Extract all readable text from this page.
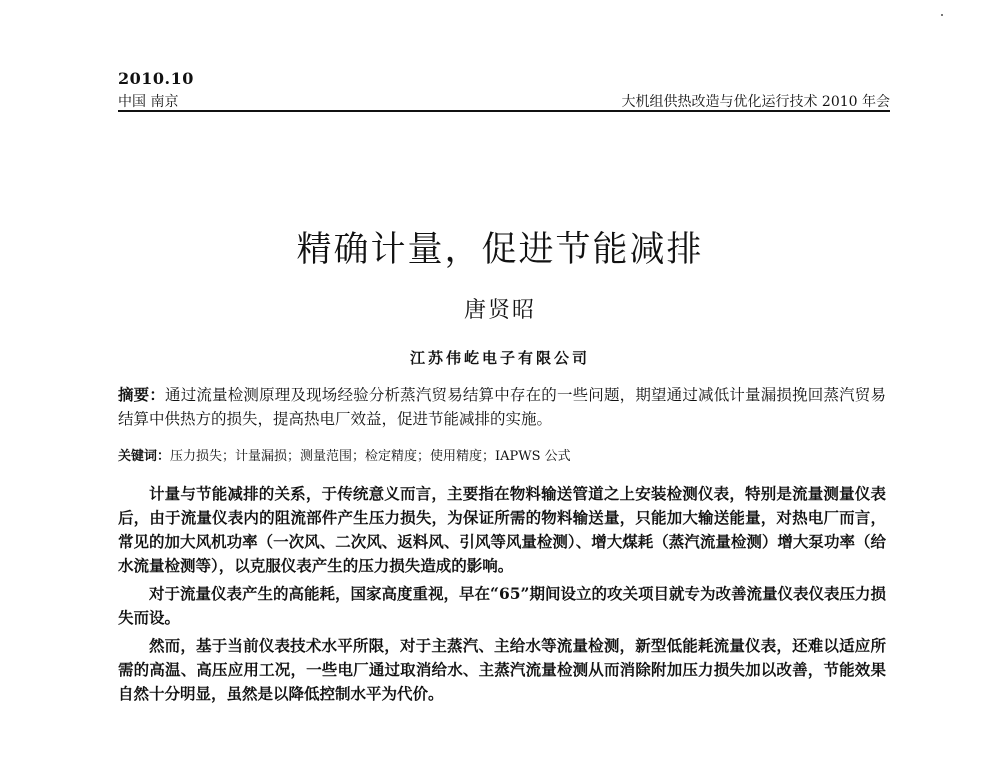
2010.10
中国 南京	大机组供热改造与优化运行技术 2010 年会
精确计量，促进节能减排
唐贤昭
江苏伟屹电子有限公司
摘要：通过流量检测原理及现场经验分析蒸汽贸易结算中存在的一些问题，期望通过减低计量漏损挽回蒸汽贸易结算中供热方的损失，提高热电厂效益，促进节能减排的实施。
关键词：压力损失；计量漏损；测量范围；检定精度；使用精度；IAPWS 公式

计量与节能减排的关系，于传统意义而言，主要指在物料输送管道之上安装检测仪表，特别是流量测量仪表后，由于流量仪表内的阻流部件产生压力损失，为保证所需的物料输送量，只能加大输送能量，对热电厂而言，常见的加大风机功率（一次风、二次风、返料风、引风等风量检测）、增大煤耗（蒸汽流量检测）增大泵功率（给水流量检测等），以克服仪表产生的压力损失造成的影响。

对于流量仪表产生的高能耗，国家高度重视，早在“65”期间设立的攻关项目就专为改善流量仪表仪表压力损失而设。

然而，基于当前仪表技术水平所限，对于主蒸汽、主给水等流量检测，新型低能耗流量仪表，还难以适应所需的高温、高压应用工况，一些电厂通过取消给水、主蒸汽流量检测从而消除附加压力损失加以改善，节能效果自然十分明显，虽然是以降低控制水平为代价。
